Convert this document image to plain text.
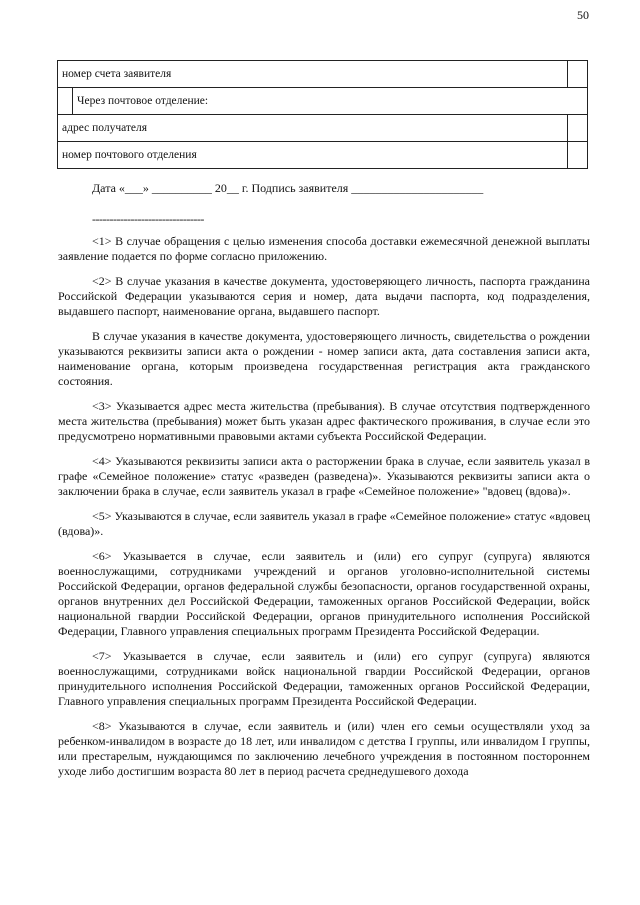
50
номер счета заявителя		
	Через почтовое отделение:	
адрес получателя		
номер почтового отделения		
Дата «___» __________ 20__ г. Подпись заявителя ______________________
--------------------------------

<1> В случае обращения с целью изменения способа доставки ежемесячной денежной выплаты заявление подается по форме согласно приложению.

<2> В случае указания в качестве документа, удостоверяющего личность, паспорта гражданина Российской Федерации указываются серия и номер, дата выдачи паспорта, код подразделения, выдавшего паспорт, наименование органа, выдавшего паспорт.

В случае указания в качестве документа, удостоверяющего личность, свидетельства о рождении указываются реквизиты записи акта о рождении - номер записи акта, дата составления записи акта, наименование органа, которым произведена государственная регистрация акта гражданского состояния.

<3> Указывается адрес места жительства (пребывания). В случае отсутствия подтвержденного места жительства (пребывания) может быть указан адрес фактического проживания, в случае если это предусмотрено нормативными правовыми актами субъекта Российской Федерации.

<4> Указываются реквизиты записи акта о расторжении брака в случае, если заявитель указал в графе «Семейное положение» статус «разведен (разведена)». Указываются реквизиты записи акта о заключении брака в случае, если заявитель указал в графе «Семейное положение» "вдовец (вдова)».

<5> Указываются в случае, если заявитель указал в графе «Семейное положение» статус «вдовец (вдова)».

<6> Указывается в случае, если заявитель и (или) его супруг (супруга) являются военнослужащими, сотрудниками учреждений и органов уголовно-исполнительной системы Российской Федерации, органов федеральной службы безопасности, органов государственной охраны, органов внутренних дел Российской Федерации, таможенных органов Российской Федерации, войск национальной гвардии Российской Федерации, органов принудительного исполнения Российской Федерации, Главного управления специальных программ Президента Российской Федерации.

<7> Указывается в случае, если заявитель и (или) его супруг (супруга) являются военнослужащими, сотрудниками войск национальной гвардии Российской Федерации, органов принудительного исполнения Российской Федерации, таможенных органов Российской Федерации, Главного управления специальных программ Президента Российской Федерации.

<8> Указываются в случае, если заявитель и (или) член его семьи осуществляли уход за ребенком-инвалидом в возрасте до 18 лет, или инвалидом с детства I группы, или инвалидом I группы, или престарелым, нуждающимся по заключению лечебного учреждения в постоянном постороннем уходе либо достигшим возраста 80 лет в период расчета среднедушевого дохода
